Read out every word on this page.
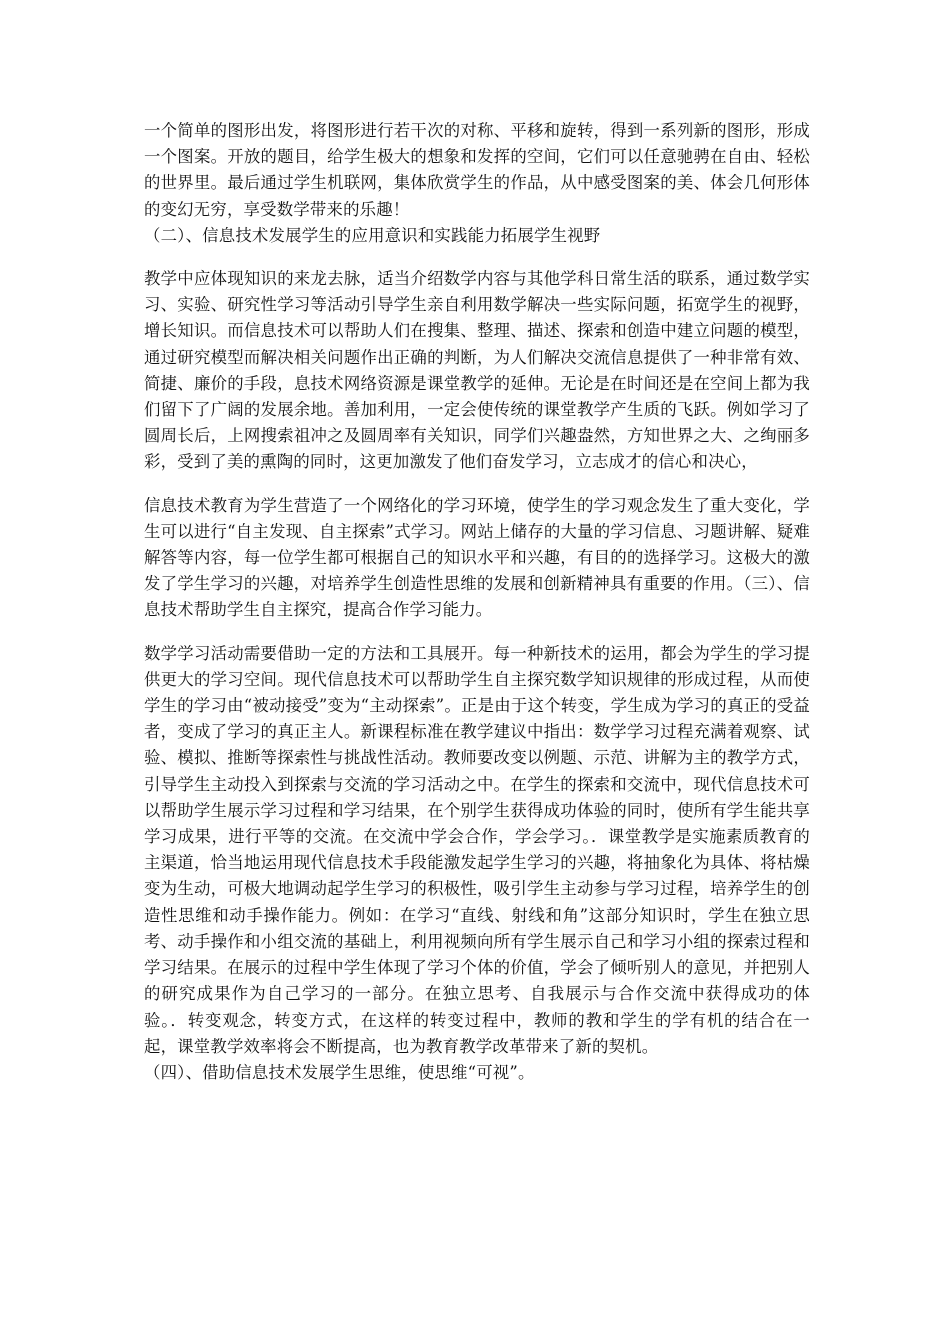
一个简单的图形出发，将图形进行若干次的对称、平移和旋转，得到一系列新的图形，形成一个图案。开放的题目，给学生极大的想象和发挥的空间，它们可以任意驰骋在自由、轻松的世界里。最后通过学生机联网，集体欣赏学生的作品，从中感受图案的美、体会几何形体的变幻无穷，享受数学带来的乐趣！

（二）、信息技术发展学生的应用意识和实践能力拓展学生视野

教学中应体现知识的来龙去脉，适当介绍数学内容与其他学科日常生活的联系，通过数学实习、实验、研究性学习等活动引导学生亲自利用数学解决一些实际问题，拓宽学生的视野，增长知识。而信息技术可以帮助人们在搜集、整理、描述、探索和创造中建立问题的模型，通过研究模型而解决相关问题作出正确的判断，为人们解决交流信息提供了一种非常有效、简捷、廉价的手段，息技术网络资源是课堂教学的延伸。无论是在时间还是在空间上都为我们留下了广阔的发展余地。善加利用，一定会使传统的课堂教学产生质的飞跃。例如学习了圆周长后，上网搜索祖冲之及圆周率有关知识，同学们兴趣盎然，方知世界之大、之绚丽多彩，受到了美的熏陶的同时，这更加激发了他们奋发学习，立志成才的信心和决心，

信息技术教育为学生营造了一个网络化的学习环境，使学生的学习观念发生了重大变化，学生可以进行“自主发现、自主探索”式学习。网站上储存的大量的学习信息、习题讲解、疑难解答等内容，每一位学生都可根据自己的知识水平和兴趣，有目的的选择学习。这极大的激发了学生学习的兴趣，对培养学生创造性思维的发展和创新精神具有重要的作用。（三）、信息技术帮助学生自主探究，提高合作学习能力。

数学学习活动需要借助一定的方法和工具展开。每一种新技术的运用，都会为学生的学习提供更大的学习空间。现代信息技术可以帮助学生自主探究数学知识规律的形成过程，从而使学生的学习由“被动接受”变为“主动探索”。正是由于这个转变，学生成为学习的真正的受益者，变成了学习的真正主人。新课程标准在教学建议中指出：数学学习过程充满着观察、试验、模拟、推断等探索性与挑战性活动。教师要改变以例题、示范、讲解为主的教学方式，引导学生主动投入到探索与交流的学习活动之中。在学生的探索和交流中，现代信息技术可以帮助学生展示学习过程和学习结果，在个别学生获得成功体验的同时，使所有学生能共享学习成果，进行平等的交流。在交流中学会合作，学会学习。．课堂教学是实施素质教育的主渠道，恰当地运用现代信息技术手段能激发起学生学习的兴趣，将抽象化为具体、将枯燥变为生动，可极大地调动起学生学习的积极性，吸引学生主动参与学习过程，培养学生的创造性思维和动手操作能力。例如：在学习“直线、射线和角”这部分知识时，学生在独立思考、动手操作和小组交流的基础上，利用视频向所有学生展示自己和学习小组的探索过程和学习结果。在展示的过程中学生体现了学习个体的价值，学会了倾听别人的意见，并把别人的研究成果作为自己学习的一部分。在独立思考、自我展示与合作交流中获得成功的体验。．转变观念，转变方式，在这样的转变过程中，教师的教和学生的学有机的结合在一起，课堂教学效率将会不断提高，也为教育教学改革带来了新的契机。

（四）、借助信息技术发展学生思维，使思维“可视”。
